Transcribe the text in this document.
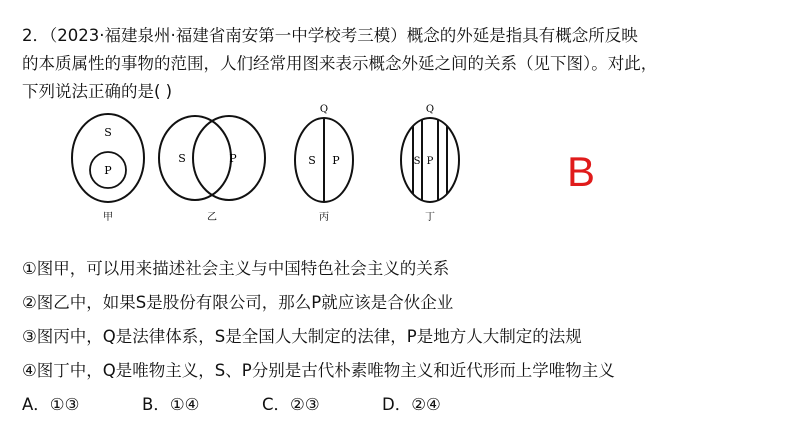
2．（2023·福建泉州·福建省南安第一中学校考三模）概念的外延是指具有概念所反映
的本质属性的事物的范围，人们经常用图来表示概念外延之间的关系（见下图）。对此，
下列说法正确的是( )
S
P
甲
S	P
乙
Q
S P
丙
Q
S P
丁
B
①图甲，可以用来描述社会主义与中国特色社会主义的关系
②图乙中，如果S是股份有限公司，那么P就应该是合伙企业
③图丙中，Q是法律体系，S是全国人大制定的法律，P是地方人大制定的法规
④图丁中，Q是唯物主义，S、P分别是古代朴素唯物主义和近代形而上学唯物主义
A．①③	B．①④	C．②③	D．②④
